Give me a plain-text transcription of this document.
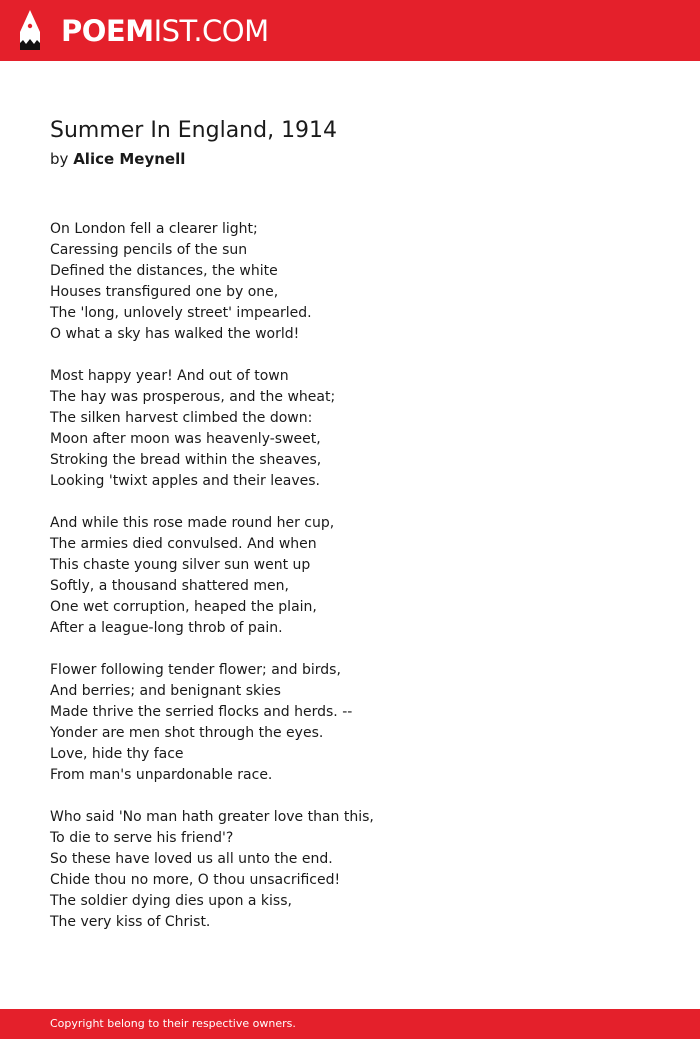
POEMIST.COM
Summer In England, 1914
by Alice Meynell
On London fell a clearer light;
Caressing pencils of the sun
Defined the distances, the white
Houses transfigured one by one,
The 'long, unlovely street' impearled.
O what a sky has walked the world!
Most happy year! And out of town
The hay was prosperous, and the wheat;
The silken harvest climbed the down:
Moon after moon was heavenly-sweet,
Stroking the bread within the sheaves,
Looking 'twixt apples and their leaves.
And while this rose made round her cup,
The armies died convulsed. And when
This chaste young silver sun went up
Softly, a thousand shattered men,
One wet corruption, heaped the plain,
After a league-long throb of pain.
Flower following tender flower; and birds,
And berries; and benignant skies
Made thrive the serried flocks and herds. --
Yonder are men shot through the eyes.
Love, hide thy face
From man's unpardonable race.
Who said 'No man hath greater love than this,
To die to serve his friend'?
So these have loved us all unto the end.
Chide thou no more, O thou unsacrificed!
The soldier dying dies upon a kiss,
The very kiss of Christ.
Copyright belong to their respective owners.
